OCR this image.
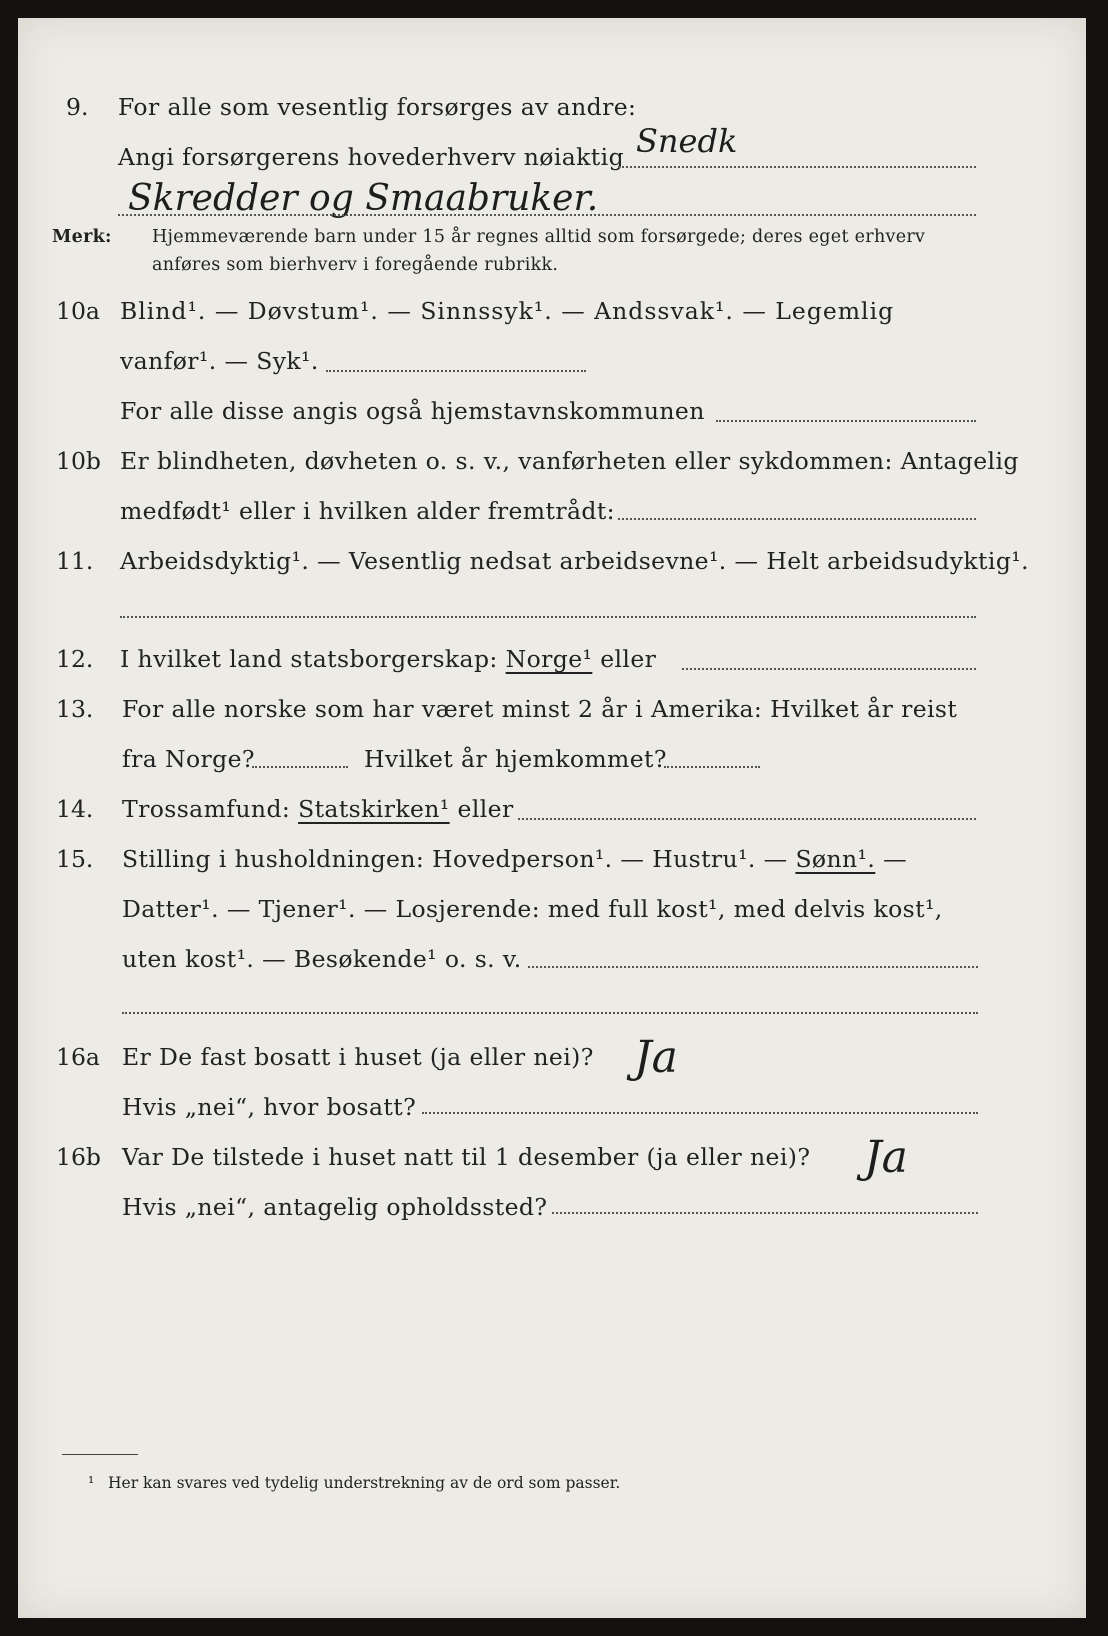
9. For alle som vesentlig forsørges av andre:
Angi forsørgerens hovederhverv nøiaktig Snedk
Skredder og Smaabruker.
Merk: Hjemmeværende barn under 15 år regnes alltid som forsørgede; deres eget erhverv
anføres som bierhverv i foregående rubrikk.
10a Blind¹. — Døvstum¹. — Sinnssyk¹. — Andssvak¹. — Legemlig
vanfør¹. — Syk¹.
For alle disse angis også hjemstavnskommunen
10b Er blindheten, døvheten o. s. v., vanførheten eller sykdommen: Antagelig
medfødt¹ eller i hvilken alder fremtrådt:
11. Arbeidsdyktig¹. — Vesentlig nedsat arbeidsevne¹. — Helt arbeidsudyktig¹.
12. I hvilket land statsborgerskap: Norge¹ eller
13. For alle norske som har været minst 2 år i Amerika: Hvilket år reist
fra Norge?	Hvilket år hjemkommet?
14. Trossamfund: Statskirken¹ eller
15. Stilling i husholdningen: Hovedperson¹. — Hustru¹. — Sønn¹. —
Datter¹. — Tjener¹. — Losjerende: med full kost¹, med delvis kost¹,
uten kost¹. — Besøkende¹ o. s. v.
16a Er De fast bosatt i huset (ja eller nei)? Ja
Hvis „nei“, hvor bosatt?
16b Var De tilstede i huset natt til 1 desember (ja eller nei)? Ja
Hvis „nei“, antagelig opholdssted?
¹ Her kan svares ved tydelig understrekning av de ord som passer.
